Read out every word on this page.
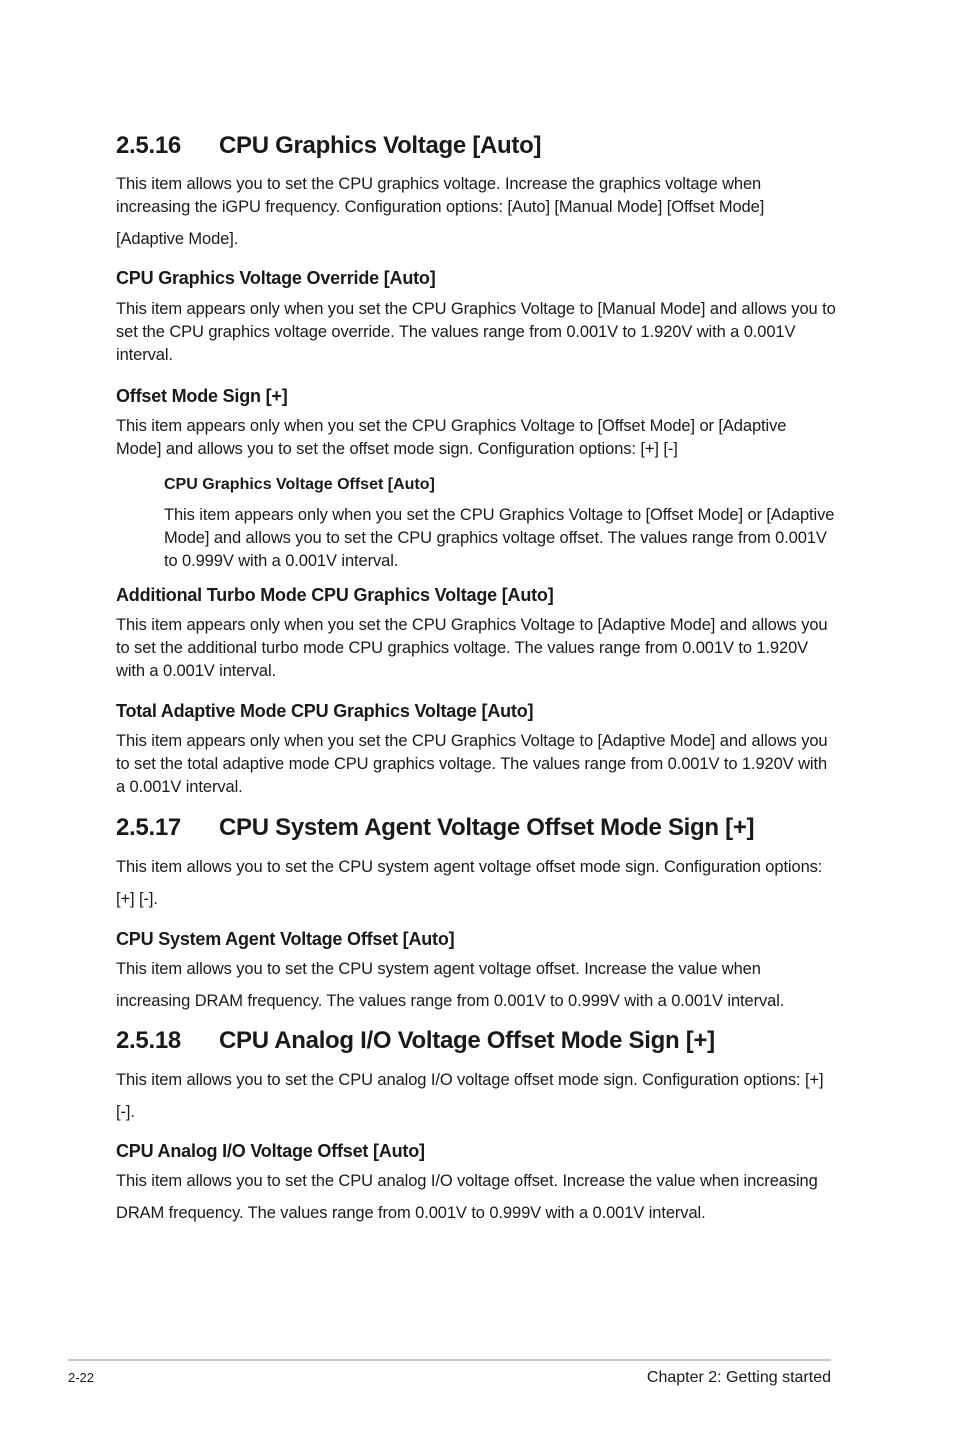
2.5.16 CPU Graphics Voltage [Auto]

This item allows you to set the CPU graphics voltage. Increase the graphics voltage when increasing the iGPU frequency. Configuration options: [Auto] [Manual Mode] [Offset Mode]

[Adaptive Mode].

CPU Graphics Voltage Override [Auto]

This item appears only when you set the CPU Graphics Voltage to [Manual Mode] and allows you to set the CPU graphics voltage override. The values range from 0.001V to 1.920V with a 0.001V interval.

Offset Mode Sign [+]

This item appears only when you set the CPU Graphics Voltage to [Offset Mode] or [Adaptive Mode] and allows you to set the offset mode sign. Configuration options: [+] [-]

CPU Graphics Voltage Offset [Auto]

This item appears only when you set the CPU Graphics Voltage to [Offset Mode] or [Adaptive Mode] and allows you to set the CPU graphics voltage offset. The values range from 0.001V to 0.999V with a 0.001V interval.

Additional Turbo Mode CPU Graphics Voltage [Auto]

This item appears only when you set the CPU Graphics Voltage to [Adaptive Mode] and allows you to set the additional turbo mode CPU graphics voltage. The values range from 0.001V to 1.920V with a 0.001V interval.

Total Adaptive Mode CPU Graphics Voltage [Auto]

This item appears only when you set the CPU Graphics Voltage to [Adaptive Mode] and allows you to set the total adaptive mode CPU graphics voltage. The values range from 0.001V to 1.920V with a 0.001V interval.

2.5.17 CPU System Agent Voltage Offset Mode Sign [+]

This item allows you to set the CPU system agent voltage offset mode sign. Configuration options: [+] [-].

CPU System Agent Voltage Offset [Auto]

This item allows you to set the CPU system agent voltage offset. Increase the value when increasing DRAM frequency. The values range from 0.001V to 0.999V with a 0.001V interval.

2.5.18 CPU Analog I/O Voltage Offset Mode Sign [+]

This item allows you to set the CPU analog I/O voltage offset mode sign. Configuration options: [+] [-].

CPU Analog I/O Voltage Offset [Auto]

This item allows you to set the CPU analog I/O voltage offset. Increase the value when increasing DRAM frequency. The values range from 0.001V to 0.999V with a 0.001V interval.

2-22	Chapter 2: Getting started
